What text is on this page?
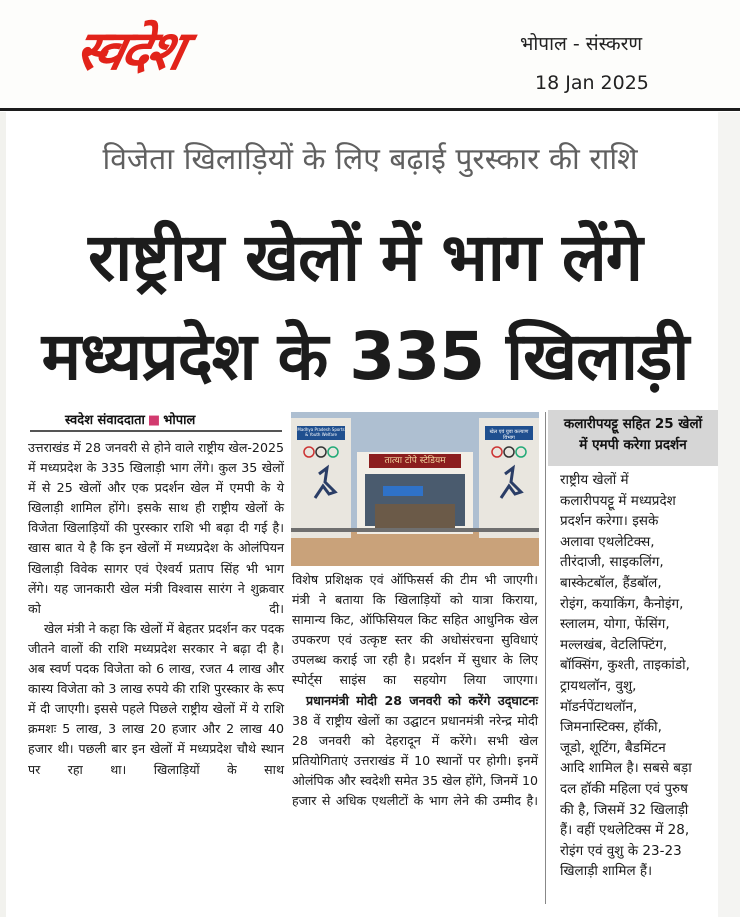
स्वदेश	भोपाल - संस्करण
18 Jan 2025
विजेता खिलाड़ियों के लिए बढ़ाई पुरस्कार की राशि
राष्ट्रीय खेलों में भाग लेंगे
मध्यप्रदेश के 335 खिलाड़ी
स्वदेश संवाददाता ■ भोपाल

उत्तराखंड में 28 जनवरी से होने वाले राष्ट्रीय खेल-2025 में मध्यप्रदेश के 335 खिलाड़ी भाग लेंगे। कुल 35 खेलों में से 25 खेलों और एक प्रदर्शन खेल में एमपी के ये खिलाड़ी शामिल होंगे। इसके साथ ही राष्ट्रीय खेलों के विजेता खिलाड़ियों की पुरस्कार राशि भी बढ़ा दी गई है। खास बात ये है कि इन खेलों में मध्यप्रदेश के ओलंपियन खिलाड़ी विवेक सागर एवं ऐश्वर्य प्रताप सिंह भी भाग लेंगे। यह जानकारी खेल मंत्री विश्वास सारंग ने शुक्रवार को दी।

खेल मंत्री ने कहा कि खेलों में बेहतर प्रदर्शन कर पदक जीतने वालों की राशि मध्यप्रदेश सरकार ने बढ़ा दी है। अब स्वर्ण पदक विजेता को 6 लाख, रजत 4 लाख और कास्य विजेता को 3 लाख रुपये की राशि पुरस्कार के रूप में दी जाएगी। इससे पहले पिछले राष्ट्रीय खेलों में ये राशि क्रमशः 5 लाख, 3 लाख 20 हजार और 2 लाख 40 हजार थी। पछली बार इन खेलों में मध्यप्रदेश चौथे स्थान पर रहा था। खिलाड़ियों के साथ

Madhya Pradesh Sports & Youth Welfare	खेल एवं युवा कल्याण विभाग
तात्या टोपे स्टेडियम

विशेष प्रशिक्षक एवं ऑफिसर्स की टीम भी जाएगी। मंत्री ने बताया कि खिलाड़ियों को यात्रा किराया, सामान्य किट, ऑफिसियल किट सहित आधुनिक खेल उपकरण एवं उत्कृष्ट स्तर की अधोसंरचना सुविधाएं उपलब्ध कराई जा रही है। प्रदर्शन में सुधार के लिए स्पोर्ट्स साइंस का सहयोग लिया जाएगा।

प्रधानमंत्री मोदी 28 जनवरी को करेंगे उद्‌घाटनः 38 वें राष्ट्रीय खेलों का उद्घाटन प्रधानमंत्री नरेन्द्र मोदी 28 जनवरी को देहरादून में करेंगे। सभी खेल प्रतियोगिताएं उत्तराखंड में 10 स्थानों पर होगी। इनमें ओलंपिक और स्वदेशी समेत 35 खेल होंगे, जिनमें 10 हजार से अधिक एथलीटों के भाग लेने की उम्मीद है।

कलारीपयट्टू सहित 25 खेलों
में एमपी करेगा प्रदर्शन

राष्ट्रीय खेलों में

कलारीपयट्टू में मध्यप्रदेश

प्रदर्शन करेगा। इसके

अलावा एथलेटिक्स,

तीरंदाजी, साइकलिंग,

बास्केटबॉल, हैंडबॉल,

रोइंग, कयाकिंग, कैनोइंग,

स्लालम, योगा, फेंसिंग,

मल्लखंब, वेटलिफ्टिंग,

बॉक्सिंग, कुश्ती, ताइकांडो,

ट्रायथलॉन, वुशु,

मॉडर्नपेंटाथलॉन,

जिमनास्टिक्स, हॉकी,

जूडो, शूटिंग, बैडमिंटन

आदि शामिल है। सबसे बड़ा

दल हॉकी महिला एवं पुरुष

की है, जिसमें 32 खिलाड़ी

हैं। वहीं एथलेटिक्स में 28,

रोइंग एवं वुशु के 23-23

खिलाड़ी शामिल हैं।
